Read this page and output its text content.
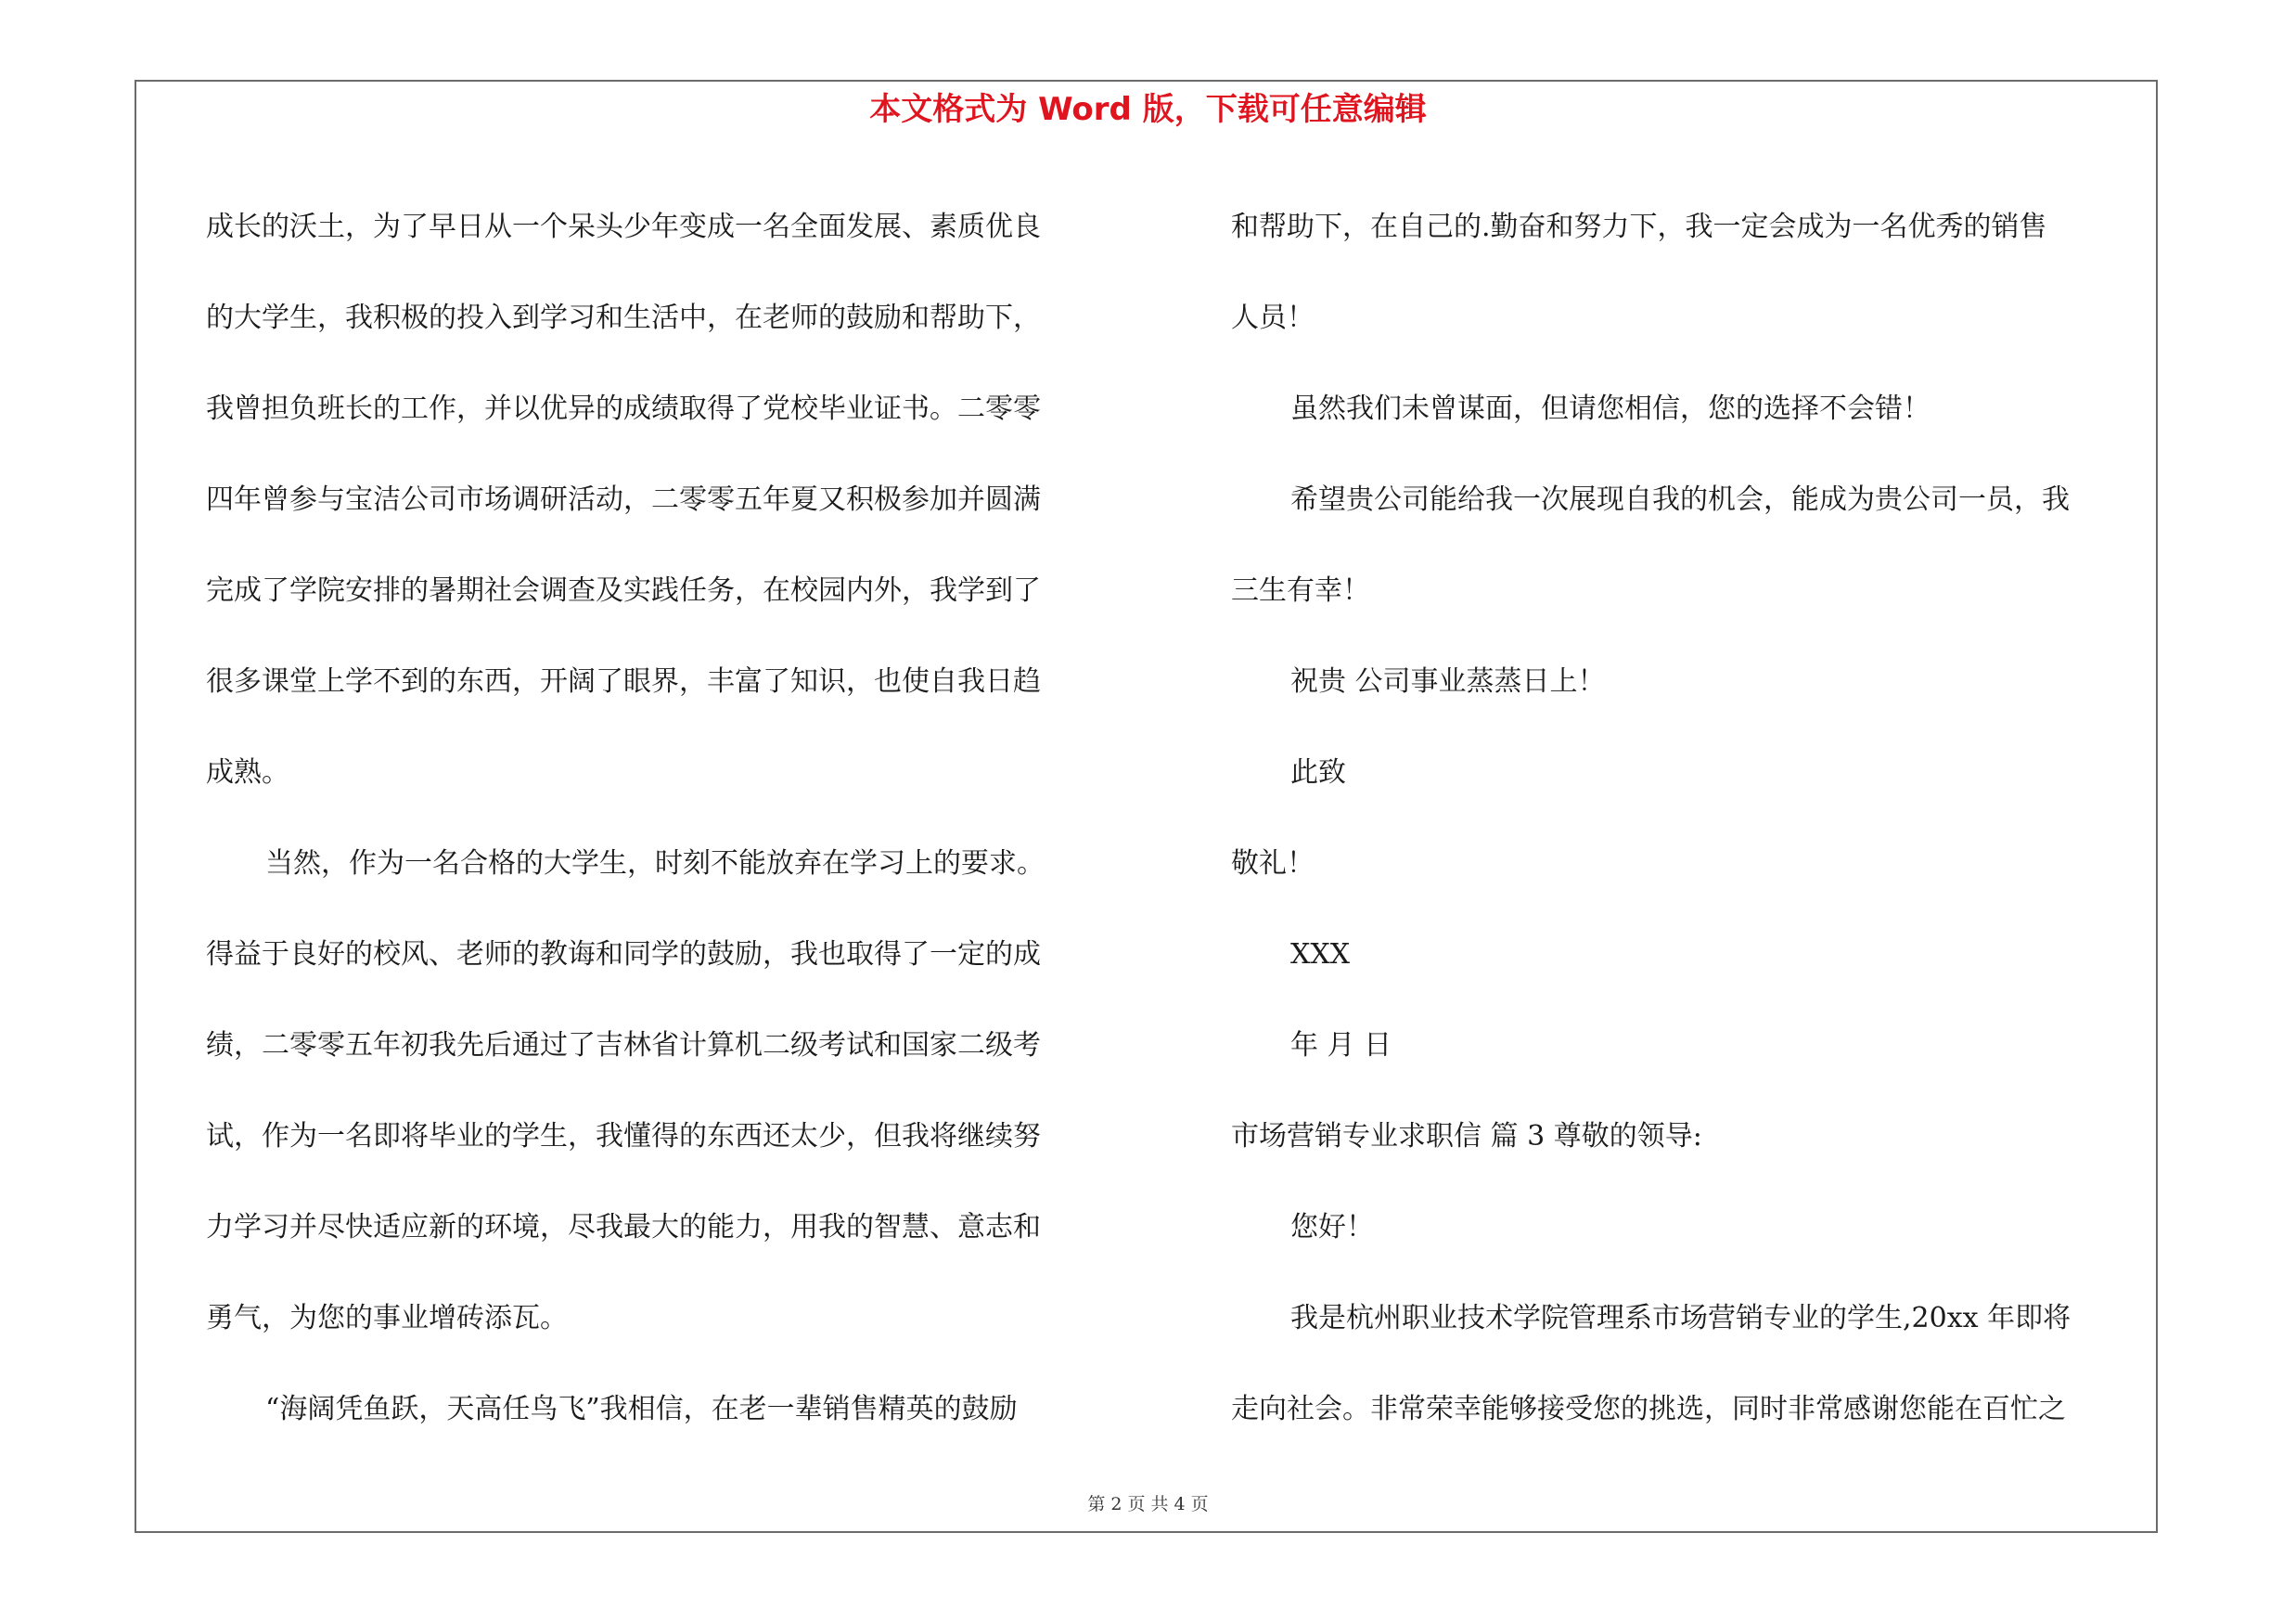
本文格式为 Word 版，下载可任意编辑
成长的沃土，为了早日从一个呆头少年变成一名全面发展、素质优良
的大学生，我积极的投入到学习和生活中，在老师的鼓励和帮助下，
我曾担负班长的工作，并以优异的成绩取得了党校毕业证书。二零零
四年曾参与宝洁公司市场调研活动，二零零五年夏又积极参加并圆满
完成了学院安排的暑期社会调查及实践任务，在校园内外，我学到了
很多课堂上学不到的东西，开阔了眼界，丰富了知识，也使自我日趋
成熟。
当然，作为一名合格的大学生，时刻不能放弃在学习上的要求。
得益于良好的校风、老师的教诲和同学的鼓励，我也取得了一定的成
绩，二零零五年初我先后通过了吉林省计算机二级考试和国家二级考
试，作为一名即将毕业的学生，我懂得的东西还太少，但我将继续努
力学习并尽快适应新的环境，尽我最大的能力，用我的智慧、意志和
勇气，为您的事业增砖添瓦。
“海阔凭鱼跃，天高任鸟飞”我相信，在老一辈销售精英的鼓励
和帮助下，在自己的.勤奋和努力下，我一定会成为一名优秀的销售
人员！
虽然我们未曾谋面，但请您相信，您的选择不会错！
希望贵公司能给我一次展现自我的机会，能成为贵公司一员，我
三生有幸！
祝贵 公司事业蒸蒸日上！
此致
敬礼！
XXX
年 月 日
市场营销专业求职信 篇 3 尊敬的领导:
您好！
我是杭州职业技术学院管理系市场营销专业的学生,20xx 年即将
走向社会。非常荣幸能够接受您的挑选，同时非常感谢您能在百忙之
第 2 页 共 4 页
